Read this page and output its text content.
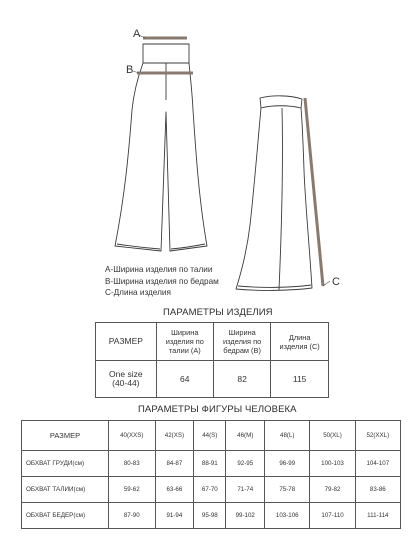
A
B
C
A-Ширина изделия по талии
B-Ширина изделия по бедрам
C-Длина изделия
ПАРАМЕТРЫ ИЗДЕЛИЯ
РАЗМЕР	Ширина изделия по талии (А)	Ширина изделия по бедрам (В)	Длина изделия (С)
One size (40-44)	64	82	115
ПАРАМЕТРЫ ФИГУРЫ ЧЕЛОВЕКА
РАЗМЕР	40(XXS)	42(XS)	44(S)	46(M)	48(L)	50(XL)	52(XXL)
ОБХВАТ ГРУДИ(см)	80-83	84-87	88-91	92-95	96-99	100-103	104-107
ОБХВАТ ТАЛИИ(см)	59-62	63-66	67-70	71-74	75-78	79-82	83-86
ОБХВАТ БЕДЕР(см)	87-90	91-94	95-98	99-102	103-106	107-110	111-114
